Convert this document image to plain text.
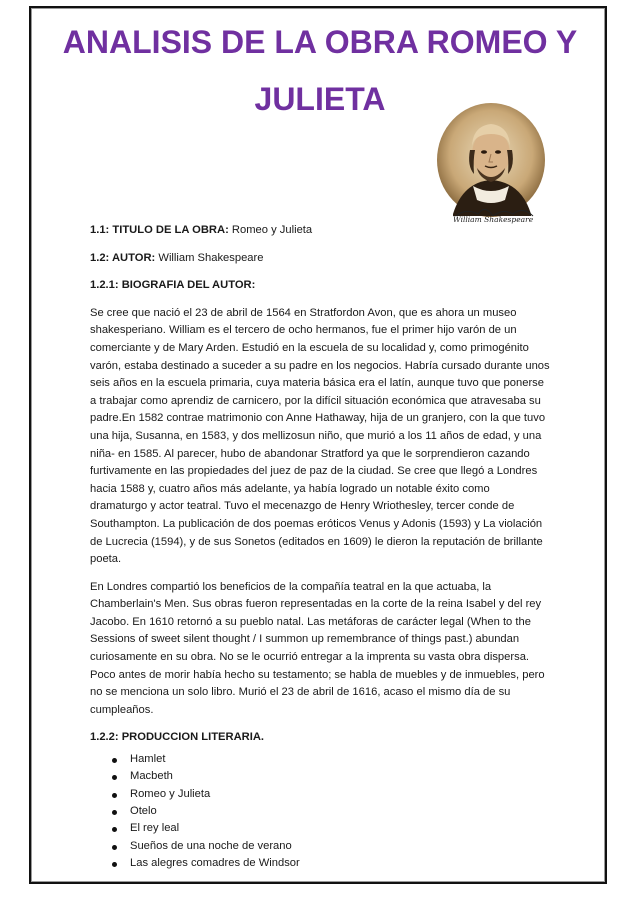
ANALISIS DE LA OBRA ROMEO Y
JULIETA
William Shakespeare

1.1: TITULO DE LA OBRA: Romeo y Julieta

1.2: AUTOR: William Shakespeare

1.2.1: BIOGRAFIA DEL AUTOR:

Se cree que nació el 23 de abril de 1564 en Stratfordon Avon, que es ahora un museo shakesperiano. William es el tercero de ocho hermanos, fue el primer hijo varón de un comerciante y de Mary Arden. Estudió en la escuela de su localidad y, como primogénito varón, estaba destinado a suceder a su padre en los negocios. Habría cursado durante unos seis años en la escuela primaria, cuya materia básica era el latín, aunque tuvo que ponerse a trabajar como aprendiz de carnicero, por la difícil situación económica que atravesaba su padre.En 1582 contrae matrimonio con Anne Hathaway, hija de un granjero, con la que tuvo una hija, Susanna, en 1583, y dos mellizosun niño, que murió a los 11 años de edad, y una niña- en 1585. Al parecer, hubo de abandonar Stratford ya que le sorprendieron cazando furtivamente en las propiedades del juez de paz de la ciudad. Se cree que llegó a Londres hacia 1588 y, cuatro años más adelante, ya había logrado un notable éxito como dramaturgo y actor teatral. Tuvo el mecenazgo de Henry Wriothesley, tercer conde de Southampton. La publicación de dos poemas eróticos Venus y Adonis (1593) y La violación de Lucrecia (1594), y de sus Sonetos (editados en 1609) le dieron la reputación de brillante poeta.

En Londres compartió los beneficios de la compañía teatral en la que actuaba, la Chamberlain's Men. Sus obras fueron representadas en la corte de la reina Isabel y del rey Jacobo. En 1610 retornó a su pueblo natal. Las metáforas de carácter legal (When to the Sessions of sweet silent thought / I summon up remembrance of things past.) abundan curiosamente en su obra. No se le ocurrió entregar a la imprenta su vasta obra dispersa. Poco antes de morir había hecho su testamento; se habla de muebles y de inmuebles, pero no se menciona un solo libro. Murió el 23 de abril de 1616, acaso el mismo día de su cumpleaños.

1.2.2: PRODUCCION LITERARIA.

Hamlet
Macbeth
Romeo y Julieta
Otelo
El rey leal
Sueños de una noche de verano
Las alegres comadres de Windsor
